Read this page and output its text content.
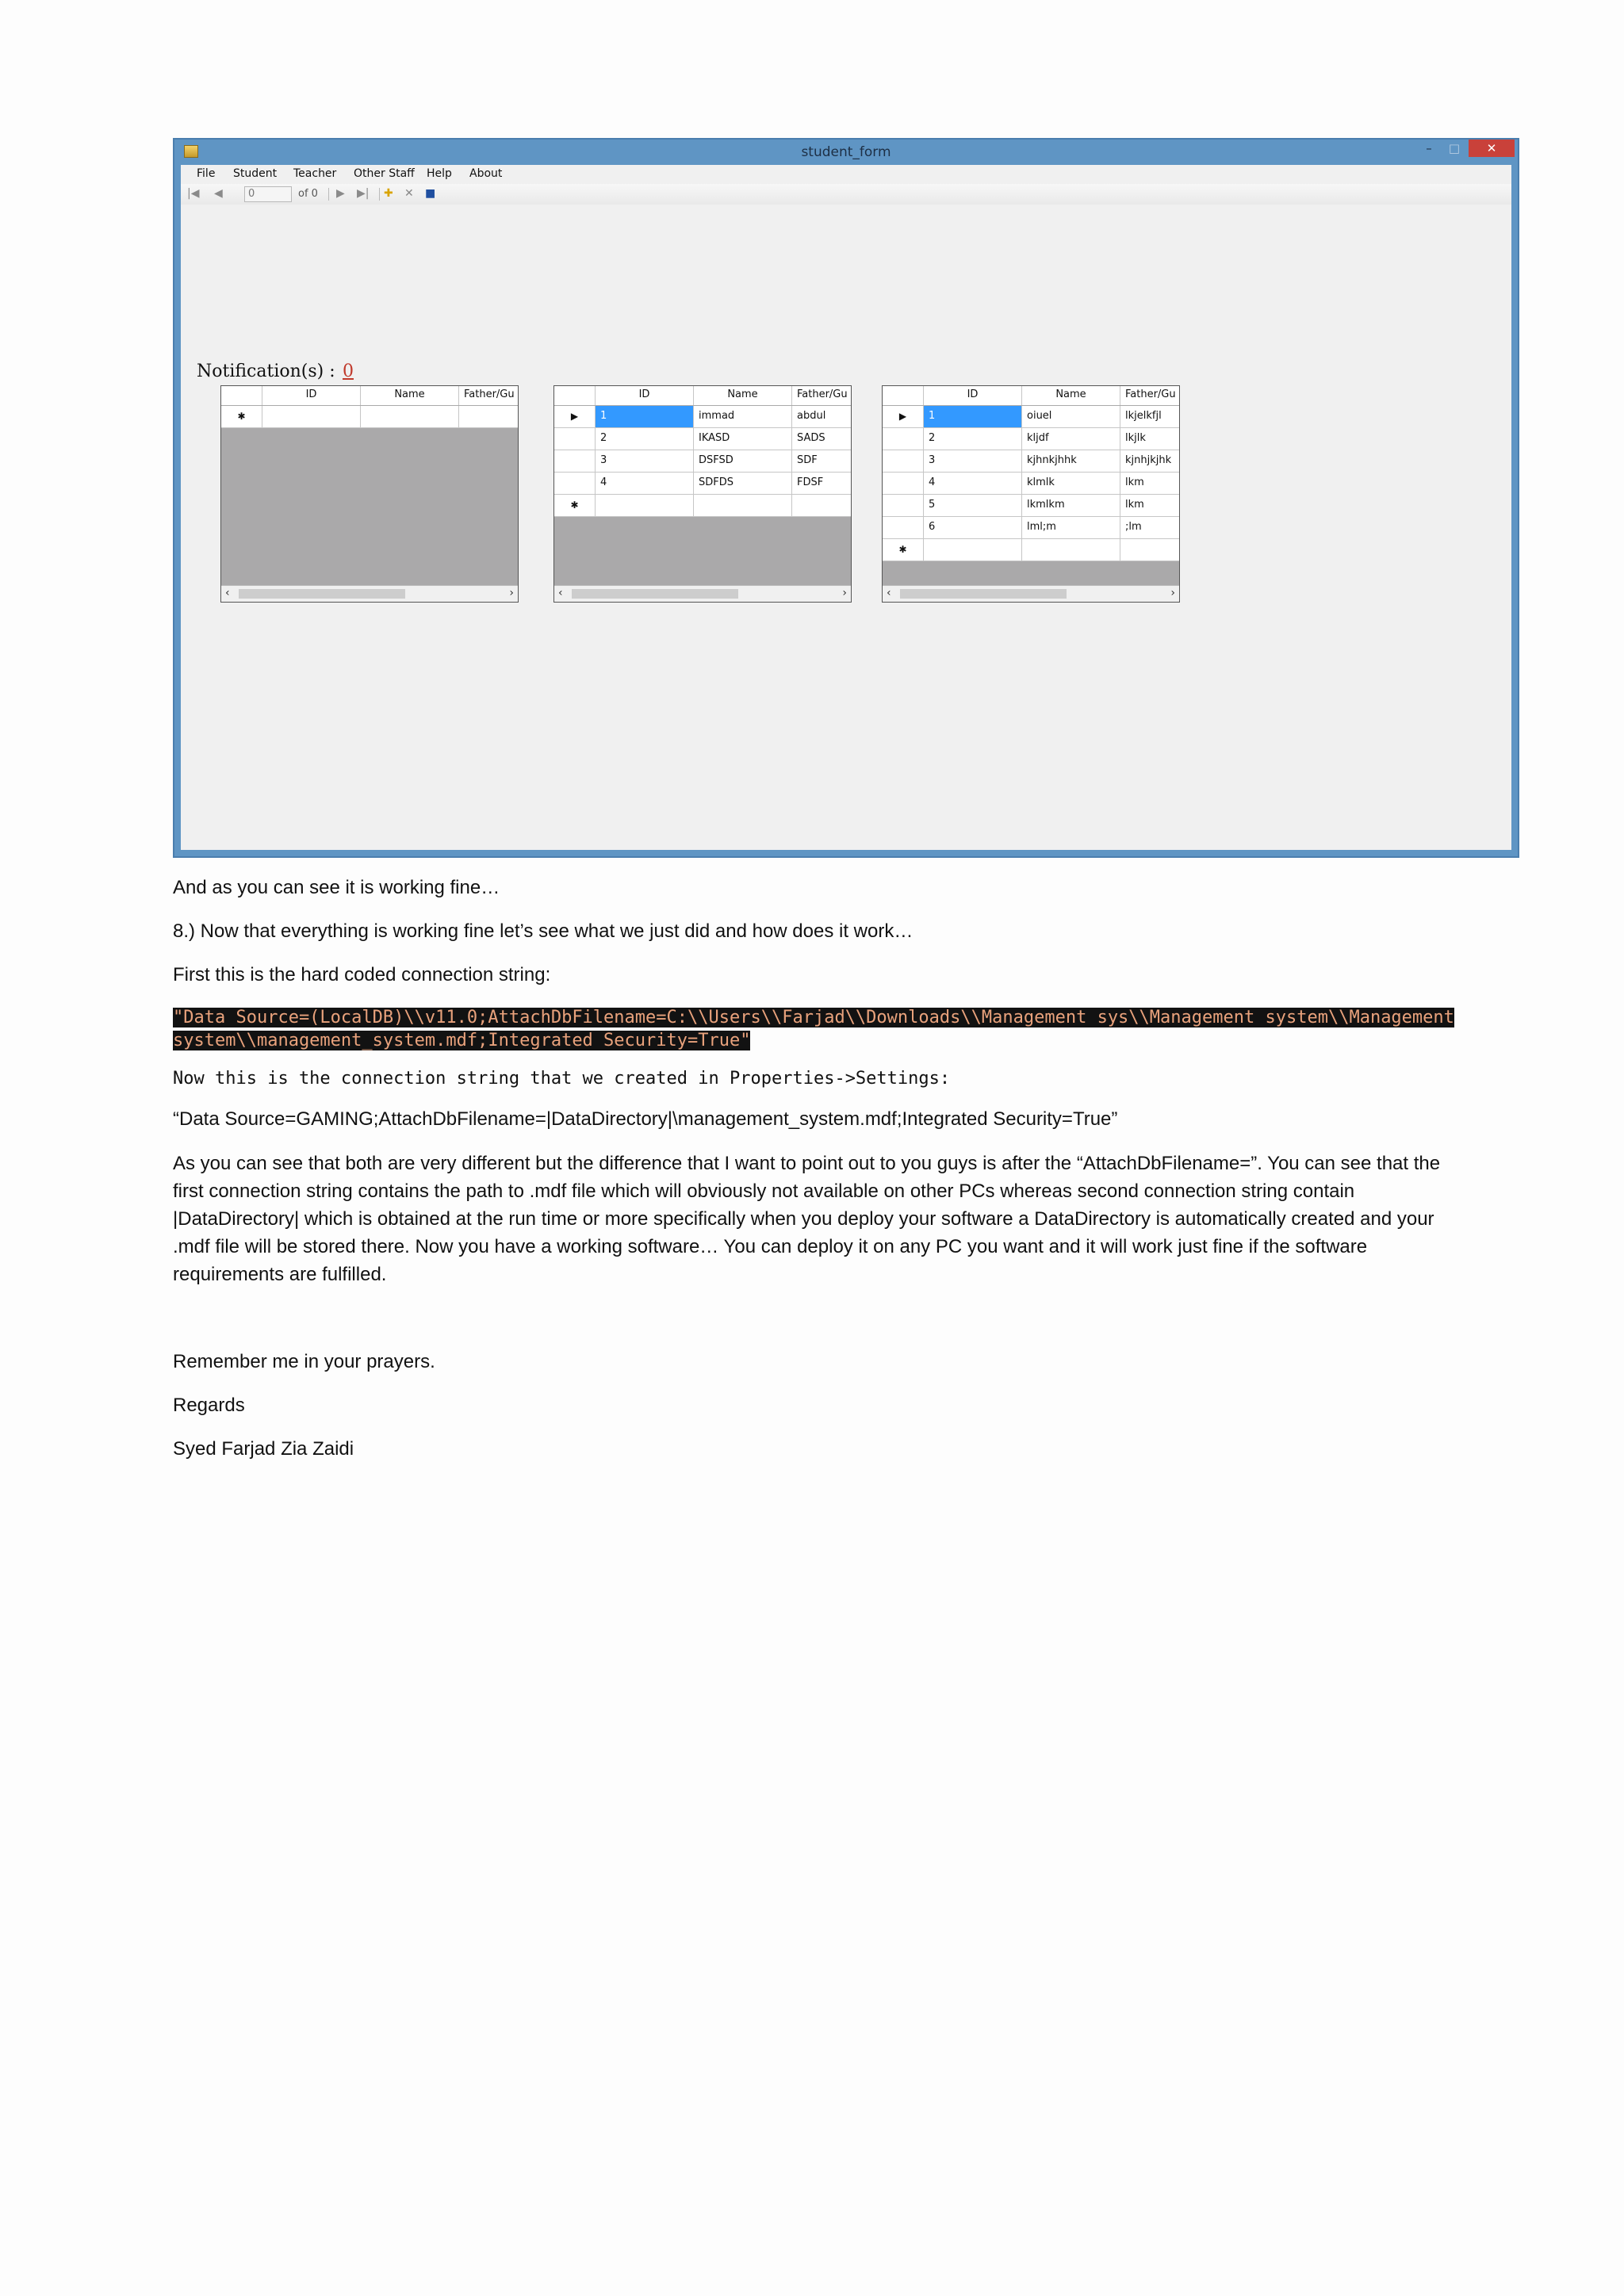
student_form	–	□	✕
File Student Teacher Other Staff Help About
|◀ ◀	0	of 0 ▶ ▶| ✚ ✕ ■
Notification(s) : 0
ID	Name	Father/Gu
✱
‹	›
ID	Name	Father/Gu
▶	1	immad	abdul
2	IKASD	SADS
3	DSFSD	SDF
4	SDFDS	FDSF
✱
‹	›
ID	Name	Father/Gu
▶	1	oiuel	lkjelkfjl
2	kljdf	lkjlk
3	kjhnkjhhk	kjnhjkjhk
4	klmlk	lkm
5	lkmlkm	lkm
6	lml;m	;lm
✱
‹	›
And as you can see it is working fine…
8.) Now that everything is working fine let’s see what we just did and how does it work…
First this is the hard coded connection string:
"Data Source=(LocalDB)\\v11.0;AttachDbFilename=C:\\Users\\Farjad\\Downloads\\Management sys\\Management system\\Management
system\\management_system.mdf;Integrated Security=True"
Now this is the connection string that we created in Properties->Settings:
“Data Source=GAMING;AttachDbFilename=|DataDirectory|\management_system.mdf;Integrated Security=True”
As you can see that both are very different but the difference that I want to point out to you guys is after the “AttachDbFilename=”. You can see that the first connection string contains the path to .mdf file which will obviously not available on other PCs whereas second connection string contain |DataDirectory| which is obtained at the run time or more specifically when you deploy your software a DataDirectory is automatically created and your .mdf file will be stored there. Now you have a working software… You can deploy it on any PC you want and it will work just fine if the software requirements are fulfilled.
Remember me in your prayers.
Regards
Syed Farjad Zia Zaidi
